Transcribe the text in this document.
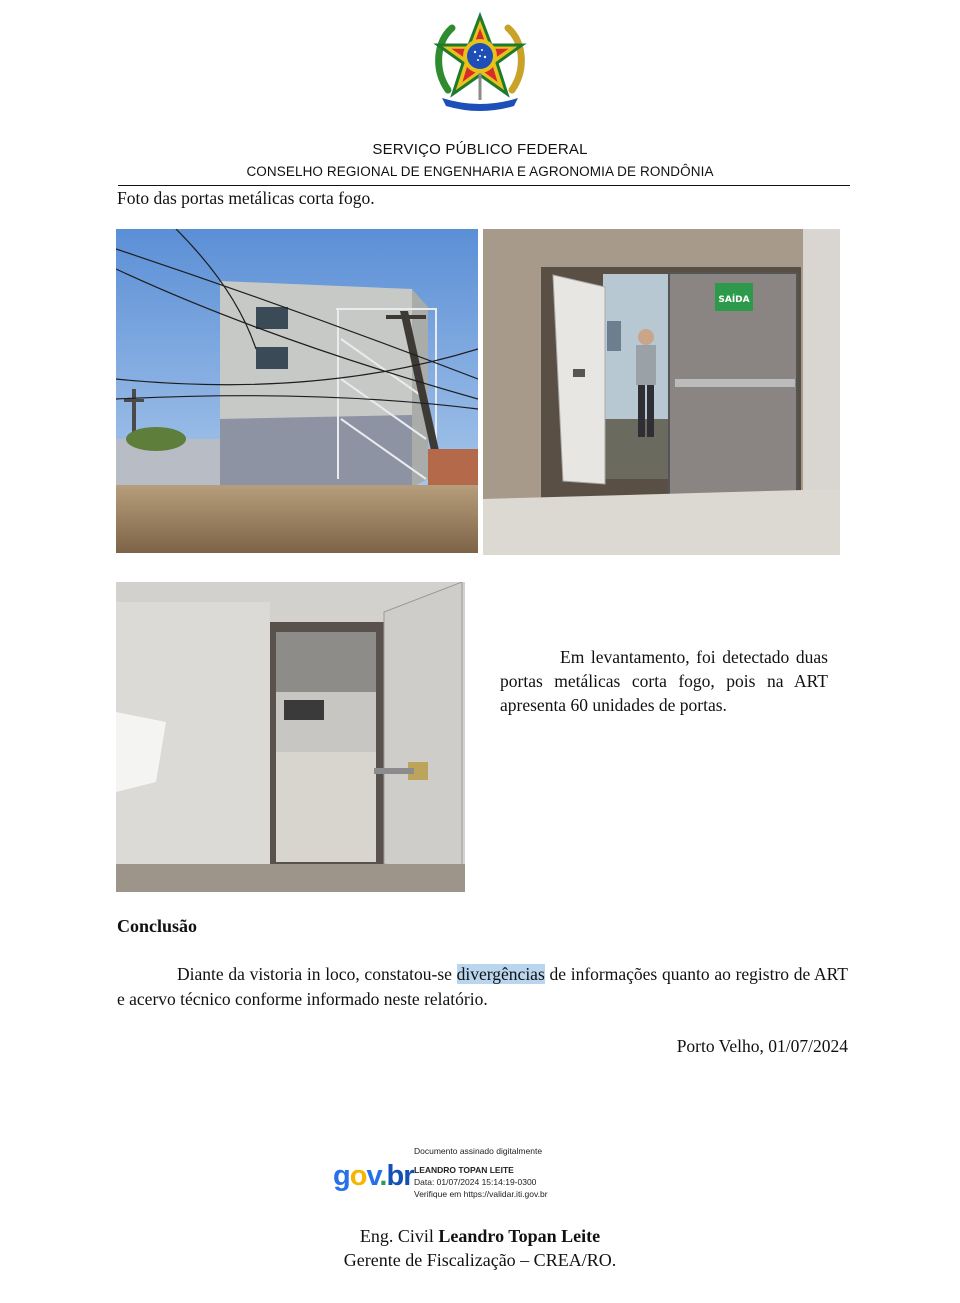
SERVIÇO PÚBLICO FEDERAL
CONSELHO REGIONAL DE ENGENHARIA E AGRONOMIA DE RONDÔNIA
Foto das portas metálicas corta fogo.
SAÍDA
Em levantamento, foi detectado duas portas metálicas corta fogo, pois na ART apresenta 60 unidades de portas.
Conclusão
Diante da vistoria in loco, constatou-se divergências de informações quanto ao registro de ART e acervo técnico conforme informado neste relatório.
Porto Velho, 01/07/2024
gov.br
Documento assinado digitalmente
LEANDRO TOPAN LEITE
Data: 01/07/2024 15:14:19-0300
Verifique em https://validar.iti.gov.br
Eng. Civil Leandro Topan Leite
Gerente de Fiscalização – CREA/RO.
